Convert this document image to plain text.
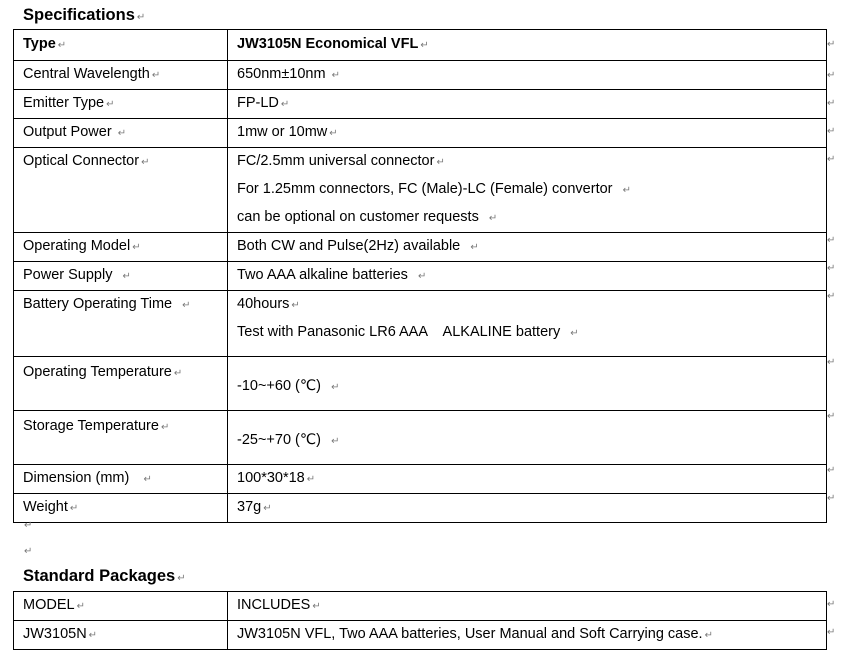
Specifications ↵
Type ↵	JW3105N Economical VFL ↵
Central Wavelength ↵	650nm±10nm ↵
Emitter Type ↵	FP-LD ↵
Output Power ↵	1mw or 10mw ↵
Optical Connector ↵	FC/2.5mm universal connector ↵
For 1.25mm connectors, FC (Male)-LC (Female) convertor ↵
can be optional on customer requests ↵

Operating Model ↵	Both CW and Pulse(2Hz) available ↵
Power Supply ↵	Two AAA alkaline batteries ↵
Battery Operating Time ↵	40hours ↵
Test with Panasonic LR6 AAA    ALKALINE battery ↵

Operating Temperature ↵	-10~+60 (℃) ↵
Storage Temperature ↵	-25~+70 (℃) ↵
Dimension (mm) ↵	100*30*18 ↵
Weight ↵	37g ↵
↵
↵
↵
↵
↵
↵
↵
↵
↵
↵
↵
↵
↵
↵
Standard Packages ↵
MODEL ↵	INCLUDES ↵
JW3105N ↵	JW3105N VFL, Two AAA batteries, User Manual and Soft Carrying case. ↵
↵
↵
